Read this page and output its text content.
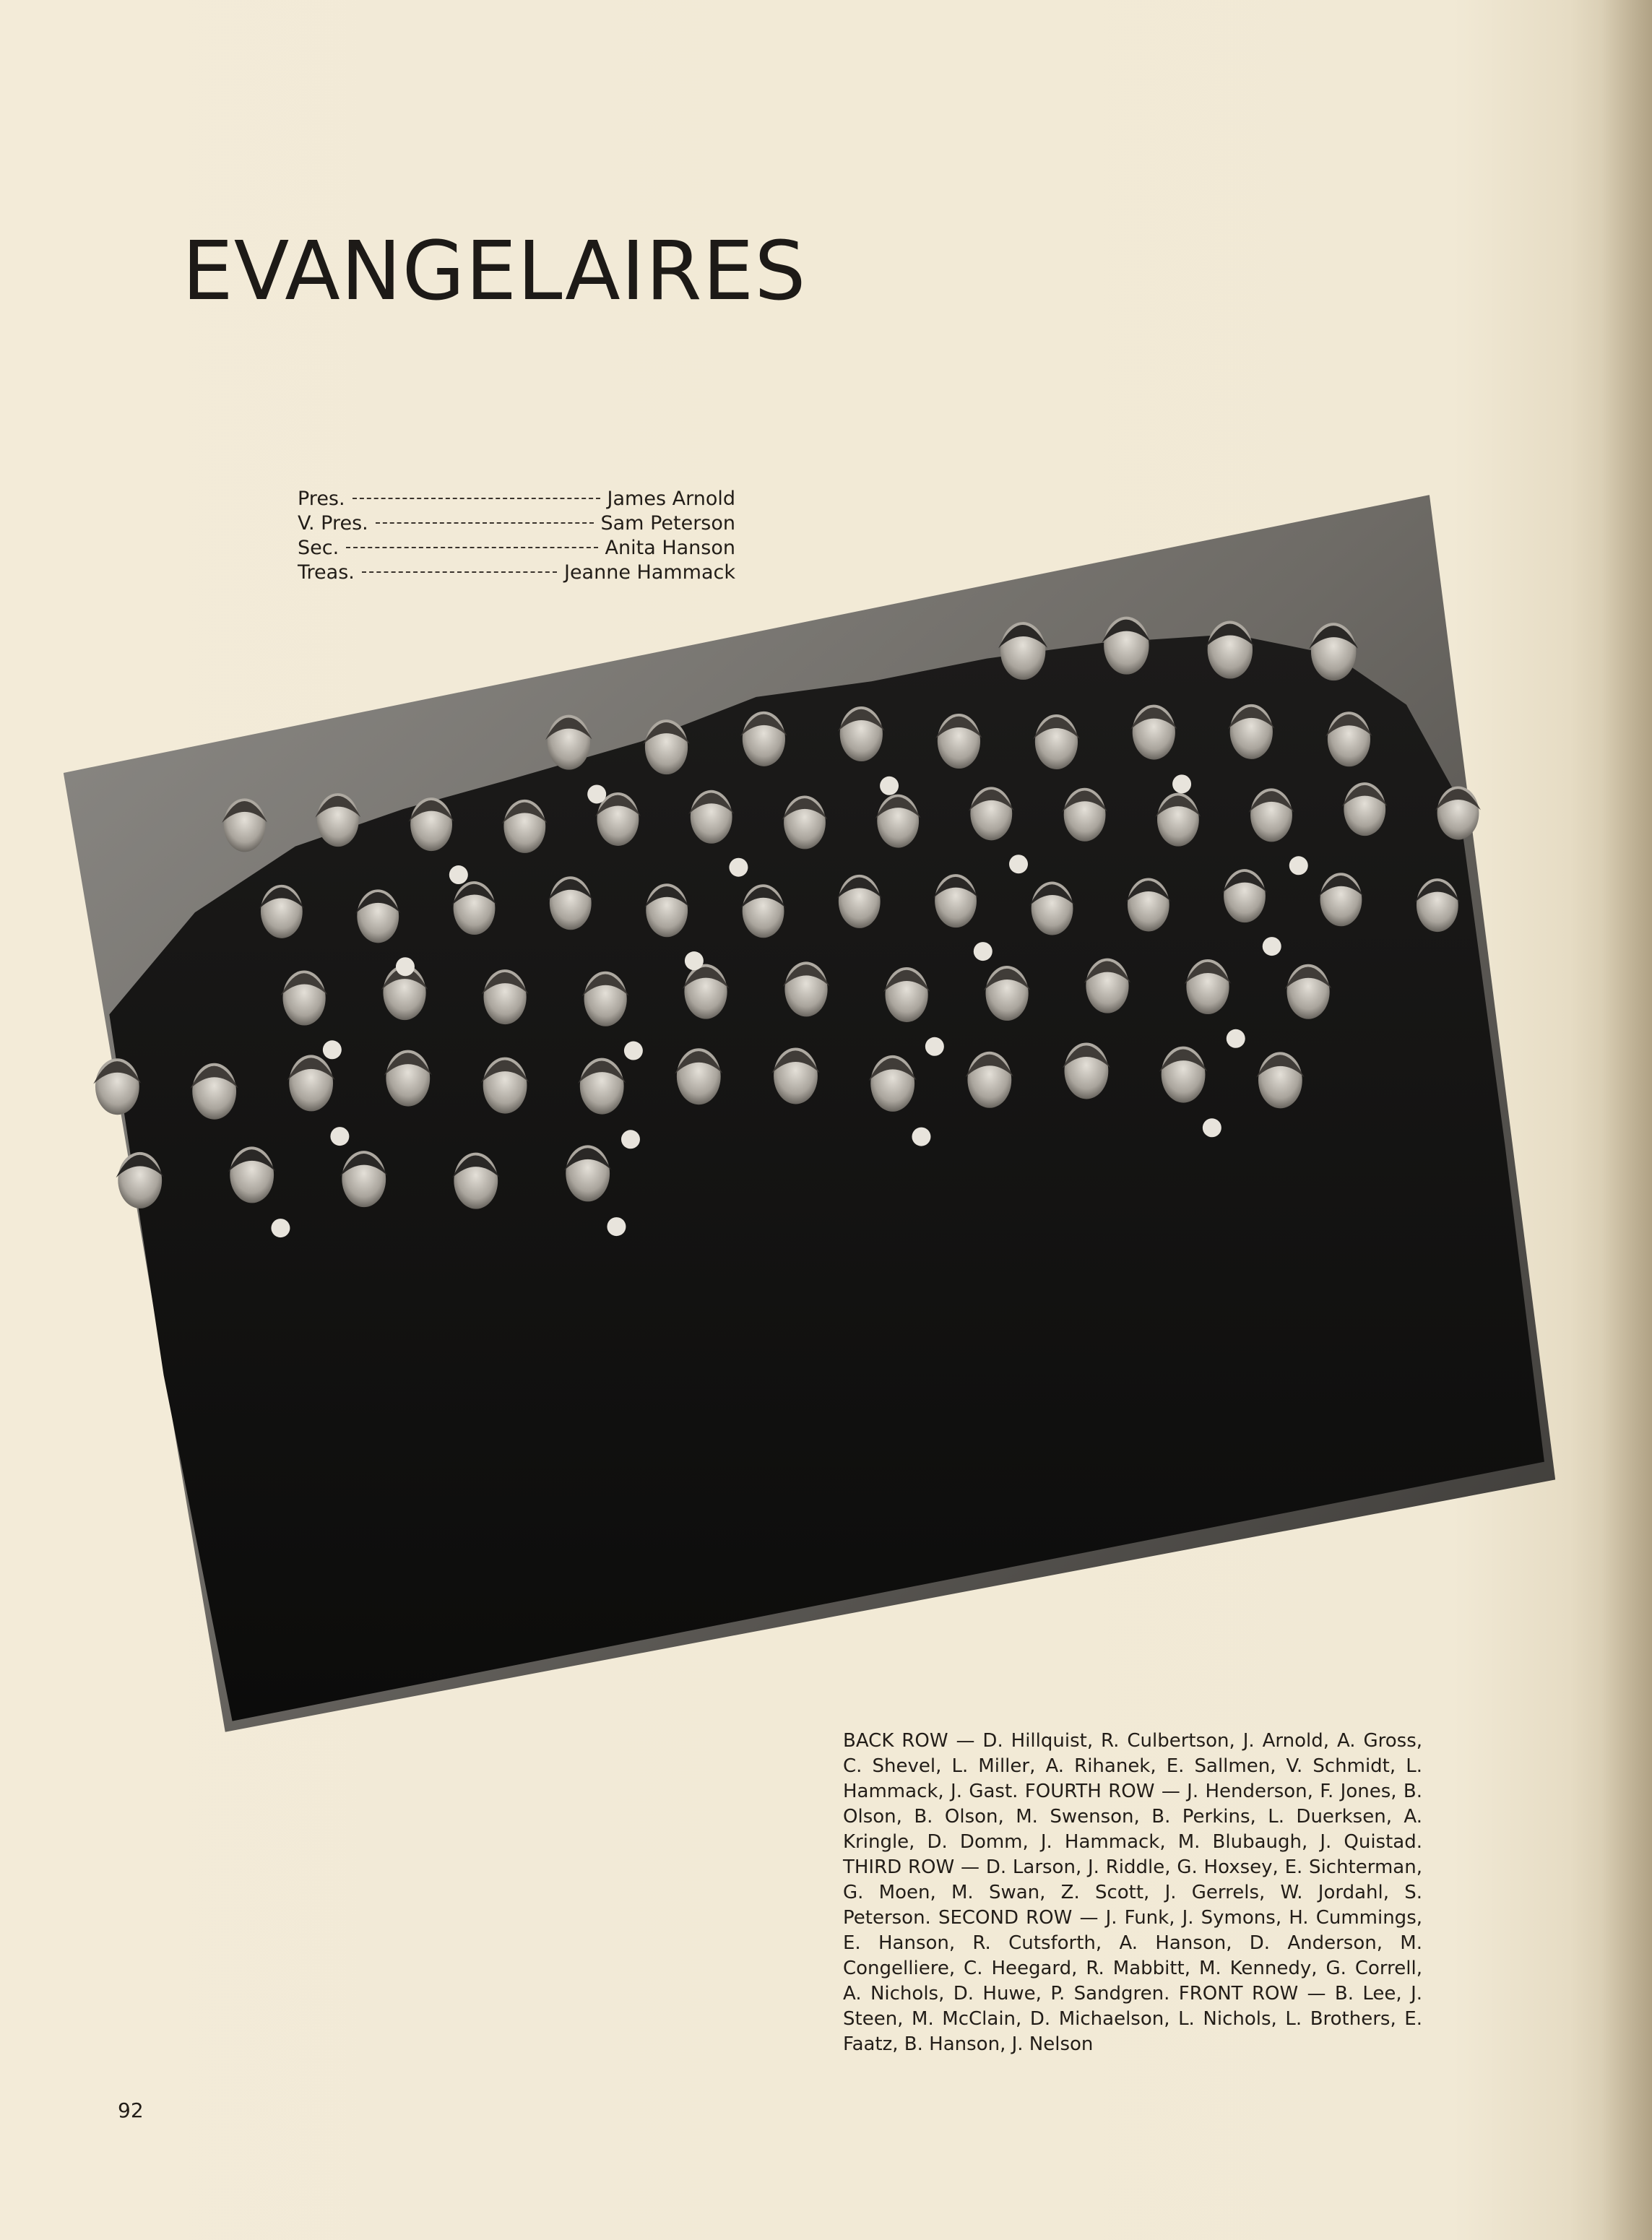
EVANGELAIRES
Pres.	James Arnold
V. Pres.	Sam Peterson
Sec.	Anita Hanson
Treas.	Jeanne Hammack

BACK ROW — D. Hillquist, R. Culbertson, J. Arnold, A. Gross, C. Shevel, L. Miller, A. Rihanek, E. Sallmen, V. Schmidt, L. Hammack, J. Gast. FOURTH ROW — J. Henderson, F. Jones, B. Olson, B. Olson, M. Swenson, B. Perkins, L. Duerksen, A. Kringle, D. Domm, J. Hammack, M. Blubaugh, J. Quistad. THIRD ROW — D. Larson, J. Riddle, G. Hoxsey, E. Sichterman, G. Moen, M. Swan, Z. Scott, J. Gerrels, W. Jordahl, S. Peterson. SECOND ROW — J. Funk, J. Symons, H. Cummings, E. Hanson, R. Cutsforth, A. Hanson, D. Anderson, M. Congelliere, C. Heegard, R. Mabbitt, M. Kennedy, G. Correll, A. Nichols, D. Huwe, P. Sandgren. FRONT ROW — B. Lee, J. Steen, M. McClain, D. Michaelson, L. Nichols, L. Brothers, E. Faatz, B. Hanson, J. Nelson

92
